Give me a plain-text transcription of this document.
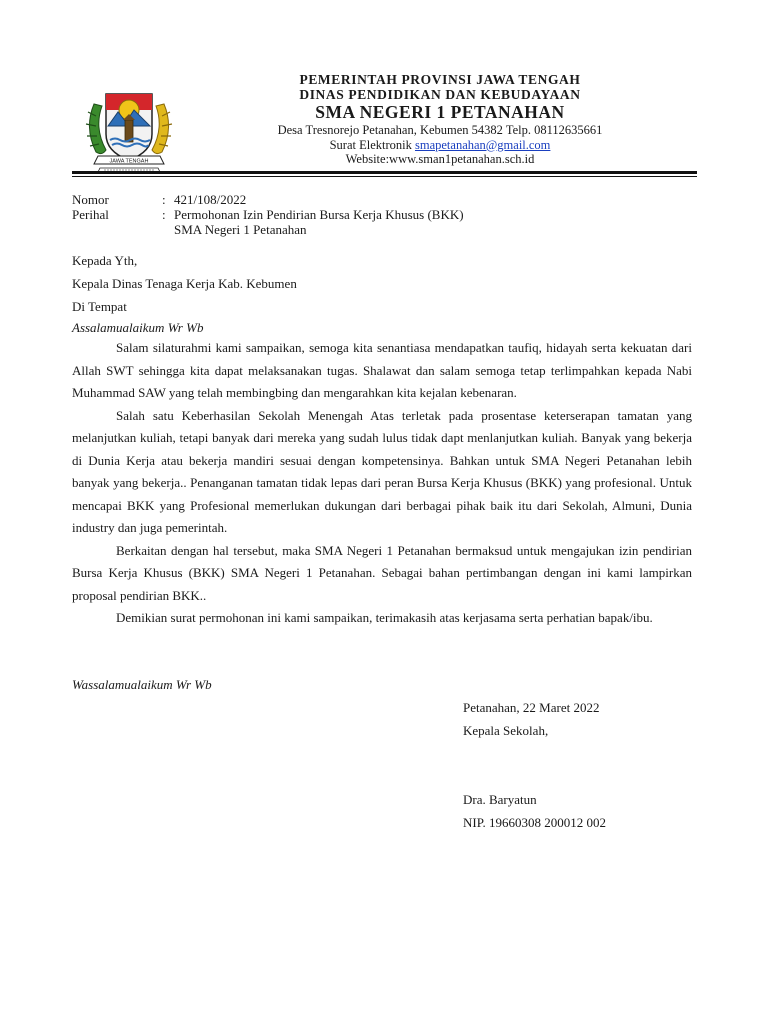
JAWA TENGAH
PEMERINTAH PROVINSI JAWA TENGAH
DINAS PENDIDIKAN DAN KEBUDAYAAN
SMA NEGERI 1 PETANAHAN
Desa Tresnorejo Petanahan, Kebumen 54382 Telp. 08112635661
Surat Elektronik smapetanahan@gmail.com
Website:www.sman1petanahan.sch.id
Nomor	: 421/108/2022
Perihal	: Permohonan Izin Pendirian Bursa Kerja Khusus (BKK)
SMA Negeri 1 Petanahan
Kepada Yth,
Kepala Dinas Tenaga Kerja Kab. Kebumen
Di Tempat
Assalamualaikum Wr Wb

Salam silaturahmi kami sampaikan, semoga kita senantiasa mendapatkan taufiq, hidayah serta kekuatan dari Allah SWT sehingga kita dapat melaksanakan tugas. Shalawat dan salam semoga tetap terlimpahkan kepada Nabi Muhammad SAW yang telah membingbing dan mengarahkan kita kejalan kebenaran.

Salah satu Keberhasilan Sekolah Menengah Atas terletak pada prosentase keterserapan tamatan yang melanjutkan kuliah, tetapi banyak dari mereka yang sudah lulus tidak dapt menlanjutkan kuliah. Banyak yang bekerja di Dunia Kerja atau bekerja mandiri sesuai dengan kompetensinya. Bahkan untuk SMA Negeri Petanahan lebih banyak yang bekerja.. Penanganan tamatan tidak lepas dari peran Bursa Kerja Khusus (BKK) yang profesional. Untuk mencapai BKK yang Profesional memerlukan dukungan dari berbagai pihak baik itu dari Sekolah, Almuni, Dunia industry dan juga pemerintah.

Berkaitan dengan hal tersebut, maka SMA Negeri 1 Petanahan bermaksud untuk mengajukan izin pendirian Bursa Kerja Khusus (BKK) SMA Negeri 1 Petanahan. Sebagai bahan pertimbangan dengan ini kami lampirkan proposal pendirian BKK..

Demikian surat permohonan ini kami sampaikan, terimakasih atas kerjasama serta perhatian bapak/ibu.

Wassalamualaikum Wr Wb
Petanahan, 22 Maret 2022
Kepala Sekolah,
Dra. Baryatun
NIP. 19660308 200012 002
